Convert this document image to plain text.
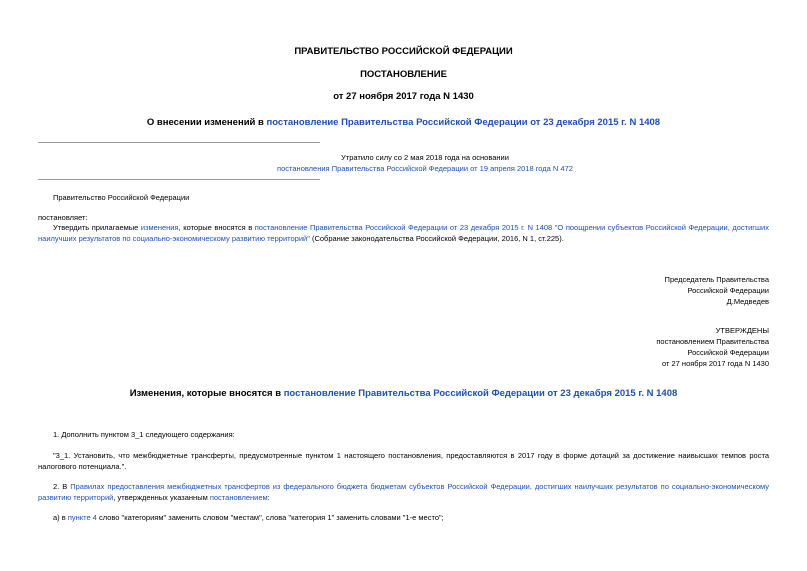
ПРАВИТЕЛЬСТВО РОССИЙСКОЙ ФЕДЕРАЦИИ
ПОСТАНОВЛЕНИЕ
от 27 ноября 2017 года N 1430
О внесении изменений в постановление Правительства Российской Федерации от 23 декабря 2015 г. N 1408
Утратило силу со 2 мая 2018 года на основании
постановления Правительства Российской Федерации от 19 апреля 2018 года N 472
Правительство Российской Федерации
постановляет:
Утвердить прилагаемые изменения, которые вносятся в постановление Правительства Российской Федерации от 23 декабря 2015 г. N 1408 "О поощрении субъектов Российской Федерации, достигших наилучших результатов по социально-экономическому развитию территорий" (Собрание законодательства Российской Федерации, 2016, N 1, ст.225).
Председатель Правительства
Российской Федерации
Д.Медведев
УТВЕРЖДЕНЫ
постановлением Правительства
Российской Федерации
от 27 ноября 2017 года N 1430
Изменения, которые вносятся в постановление Правительства Российской Федерации от 23 декабря 2015 г. N 1408
1. Дополнить пунктом 3_1 следующего содержания:
"3_1. Установить, что межбюджетные трансферты, предусмотренные пунктом 1 настоящего постановления, предоставляются в 2017 году в форме дотаций за достижение наивысших темпов роста налогового потенциала.".
2. В Правилах предоставления межбюджетных трансфертов из федерального бюджета бюджетам субъектов Российской Федерации, достигших наилучших результатов по социально-экономическому развитию территорий, утвержденных указанным постановлением:
а) в пункте 4 слово "категориям" заменить словом "местам", слова "категория 1" заменить словами "1-е место";
